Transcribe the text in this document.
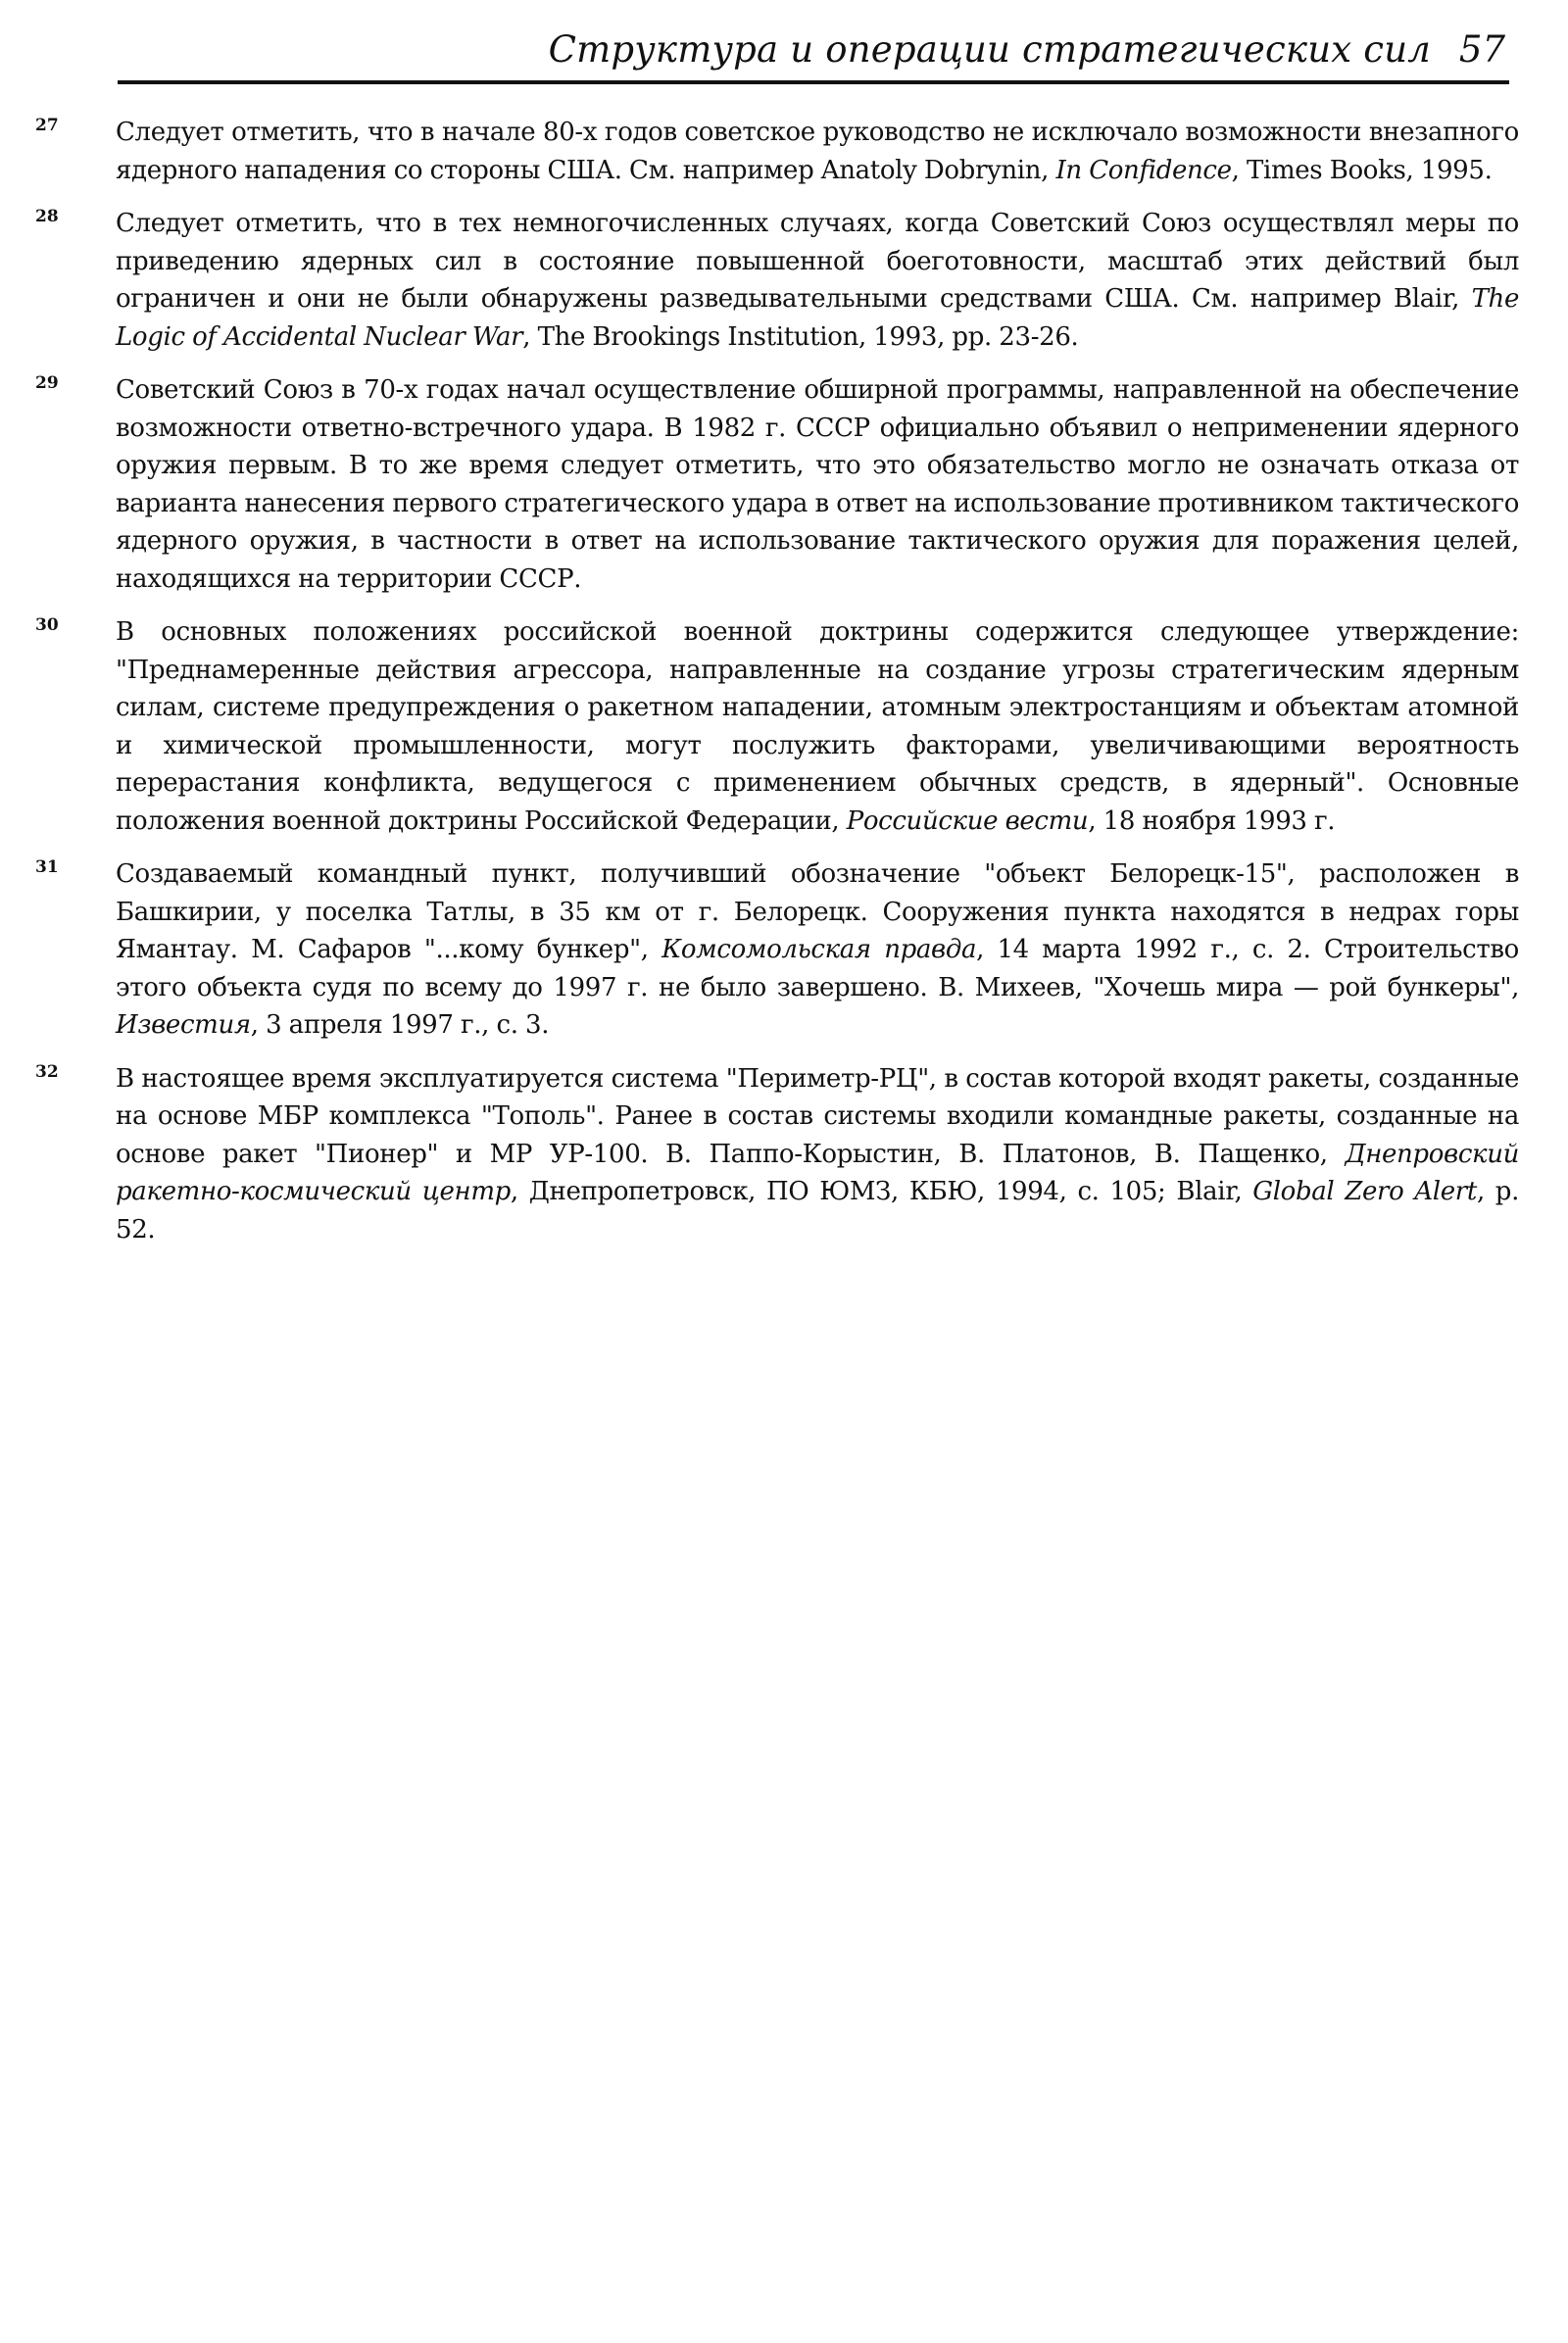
Структура и операции стратегических сил 57
27 Следует отметить, что в начале 80-х годов советское руководство не исключало возможности внезапного ядерного нападения со стороны США. См. например Anatoly Dobrynin, In Confidence, Times Books, 1995.
28 Следует отметить, что в тех немногочисленных случаях, когда Советский Союз осуществлял меры по приведению ядерных сил в состояние повышенной боеготовности, масштаб этих действий был ограничен и они не были обнаружены разведывательными средствами США. См. например Blair, The Logic of Accidental Nuclear War, The Brookings Institution, 1993, pp. 23-26.
29 Советский Союз в 70-х годах начал осуществление обширной программы, направленной на обеспечение возможности ответно-встречного удара. В 1982 г. СССР официально объявил о неприменении ядерного оружия первым. В то же время следует отметить, что это обязательство могло не означать отказа от варианта нанесения первого стратегического удара в ответ на использование противником тактического ядерного оружия, в частности в ответ на использование тактического оружия для поражения целей, находящихся на территории СССР.
30 В основных положениях российской военной доктрины содержится следующее утверждение: "Преднамеренные действия агрессора, направленные на создание угрозы стратегическим ядерным силам, системе предупреждения о ракетном нападении, атомным электростанциям и объектам атомной и химической промышленности, могут послужить факторами, увеличивающими вероятность перерастания конфликта, ведущегося с применением обычных средств, в ядерный". Основные положения военной доктрины Российской Федерации, Российские вести, 18 ноября 1993 г.
31 Создаваемый командный пункт, получивший обозначение "объект Белорецк-15", расположен в Башкирии, у поселка Татлы, в 35 км от г. Белорецк. Сооружения пункта находятся в недрах горы Ямантау. М. Сафаров "...кому бункер", Комсомольская правда, 14 марта 1992 г., с. 2. Строительство этого объекта судя по всему до 1997 г. не было завершено. В. Михеев, "Хочешь мира — рой бункеры", Известия, 3 апреля 1997 г., с. 3.
32 В настоящее время эксплуатируется система "Периметр-РЦ", в состав которой входят ракеты, созданные на основе МБР комплекса "Тополь". Ранее в состав системы входили командные ракеты, созданные на основе ракет "Пионер" и МР УР-100. В. Паппо-Корыстин, В. Платонов, В. Пащенко, Днепровский ракетно-космический центр, Днепропетровск, ПО ЮМЗ, КБЮ, 1994, с. 105; Blair, Global Zero Alert, p. 52.
